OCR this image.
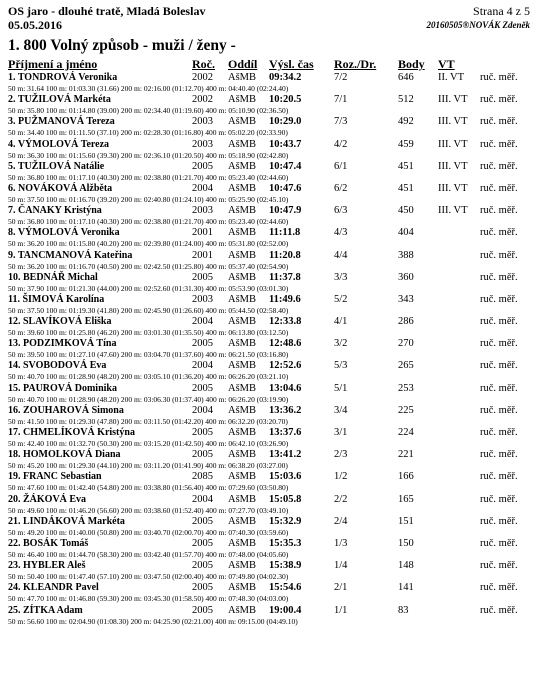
OS jaro - dlouhé tratě, Mladá Boleslav
05.05.2016
Strana 4 z 5
20160505®NOVÁK Zdeněk
1. 800 Volný způsob - muži / ženy -
Příjmení a jméno	Roč. Oddíl Výsl. čas Roz./Dr. Body VT
1. TONDROVÁ Veronika	2002 AšMB 09:34.2	7/2	646 II. VT ruč. měř.
50 m: 31.64 100 m: 01:03.30 (31.66) 200 m: 02:16.00 (01:12.70) 400 m: 04:40.40 (02:24.40)
2. TUŽILOVÁ Markéta	2002 AšMB 10:20.5	7/1	512 III. VT ruč. měř.
50 m: 35.80 100 m: 01:14.80 (39.00) 200 m: 02:34.40 (01:19.60) 400 m: 05:10.90 (02:36.50)
3. PUŽMANOVÁ Tereza	2003 AšMB 10:29.0	7/3	492 III. VT ruč. měř.
50 m: 34.40 100 m: 01:11.50 (37.10) 200 m: 02:28.30 (01:16.80) 400 m: 05:02.20 (02:33.90)
4. VÝMOLOVÁ Tereza	2003 AšMB 10:43.7	4/2	459 III. VT ruč. měř.
50 m: 36.30 100 m: 01:15.60 (39.30) 200 m: 02:36.10 (01:20.50) 400 m: 05:18.90 (02:42.80)
5. TUŽILOVÁ Natálie	2005 AšMB 10:47.4	6/1	451 III. VT ruč. měř.
50 m: 36.80 100 m: 01:17.10 (40.30) 200 m: 02:38.80 (01:21.70) 400 m: 05:23.40 (02:44.60)
6. NOVÁKOVÁ Alžběta	2004 AšMB 10:47.6	6/2	451 III. VT ruč. měř.
50 m: 37.50 100 m: 01:16.70 (39.20) 200 m: 02:40.80 (01:24.10) 400 m: 05:25.90 (02:45.10)
7. ČANAKY Kristýna	2003 AšMB 10:47.9	6/3	450 III. VT ruč. měř.
50 m: 36.80 100 m: 01:17.10 (40.30) 200 m: 02:38.80 (01:21.70) 400 m: 05:23.40 (02:44.60)
8. VÝMOLOVÁ Veronika	2001 AšMB 11:11.8	4/3	404	ruč. měř.
50 m: 36.20 100 m: 01:15.80 (40.20) 200 m: 02:39.80 (01:24.00) 400 m: 05:31.80 (02:52.00)
9. TANCMANOVÁ Kateřina	2001 AšMB 11:20.8	4/4	388	ruč. měř.
50 m: 36.20 100 m: 01:16.70 (40.50) 200 m: 02:42.50 (01:25.80) 400 m: 05:37.40 (02:54.90)
10. BEDNÁŘ Michal	2005 AšMB 11:37.8	3/3	360	ruč. měř.
50 m: 37.90 100 m: 01:21.30 (44.00) 200 m: 02:52.60 (01:31.30) 400 m: 05:53.90 (03:01.30)
11. ŠIMOVÁ Karolína	2003 AšMB 11:49.6	5/2	343	ruč. měř.
50 m: 37.50 100 m: 01:19.30 (41.80) 200 m: 02:45.90 (01:26.60) 400 m: 05:44.50 (02:58.40)
12. SLAVÍKOVÁ Eliška	2004 AšMB 12:33.8	4/1	286	ruč. měř.
50 m: 39.60 100 m: 01:25.80 (46.20) 200 m: 03:01.30 (01:35.50) 400 m: 06:13.80 (03:12.50)
13. PODZIMKOVÁ Tína	2005 AšMB 12:48.6	3/2	270	ruč. měř.
50 m: 39.50 100 m: 01:27.10 (47.60) 200 m: 03:04.70 (01:37.60) 400 m: 06:21.50 (03:16.80)
14. SVOBODOVÁ Eva	2004 AšMB 12:52.6	5/3	265	ruč. měř.
50 m: 40.70 100 m: 01:28.90 (48.20) 200 m: 03:05.10 (01:36.20) 400 m: 06:26.20 (03:21.10)
15. PAUROVÁ Dominika	2005 AšMB 13:04.6	5/1	253	ruč. měř.
50 m: 40.70 100 m: 01:28.90 (48.20) 200 m: 03:06.30 (01:37.40) 400 m: 06:26.20 (03:19.90)
16. ZOUHAROVÁ Simona	2004 AšMB 13:36.2	3/4	225	ruč. měř.
50 m: 41.50 100 m: 01:29.30 (47.80) 200 m: 03:11.50 (01:42.20) 400 m: 06:32.20 (03:20.70)
17. CHMELÍKOVÁ Kristýna	2005 AšMB 13:37.6	3/1	224	ruč. měř.
50 m: 42.40 100 m: 01:32.70 (50.30) 200 m: 03:15.20 (01:42.50) 400 m: 06:42.10 (03:26.90)
18. HOMOLKOVÁ Diana	2005 AšMB 13:41.2	2/3	221	ruč. měř.
50 m: 45.20 100 m: 01:29.30 (44.10) 200 m: 03:11.20 (01:41.90) 400 m: 06:38.20 (03:27.00)
19. FRANC Sebastian	2085 AšMB 15:03.6	1/2	166	ruč. měř.
50 m: 47.60 100 m: 01:42.40 (54.80) 200 m: 03:38.80 (01:56.40) 400 m: 07:29.60 (03:50.80)
20. ŽÁKOVÁ Eva	2004 AšMB 15:05.8	2/2	165	ruč. měř.
50 m: 49.60 100 m: 01:46.20 (56.60) 200 m: 03:38.60 (01:52.40) 400 m: 07:27.70 (03:49.10)
21. LINDÁKOVÁ Markéta	2005 AšMB 15:32.9	2/4	151	ruč. měř.
50 m: 49.20 100 m: 01:40.00 (50.80) 200 m: 03:40.70 (02:00.70) 400 m: 07:40.30 (03:59.60)
22. BOSÁK Tomáš	2005 AšMB 15:35.3	1/3	150	ruč. měř.
50 m: 46.40 100 m: 01:44.70 (58.30) 200 m: 03:42.40 (01:57.70) 400 m: 07:48.00 (04:05.60)
23. HYBLER Aleš	2005 AšMB 15:38.9	1/4	148	ruč. měř.
50 m: 50.40 100 m: 01:47.40 (57.10) 200 m: 03:47.50 (02:00.40) 400 m: 07:49.80 (04:02.30)
24. KLEANDR Pavel	2005 AšMB 15:54.6	2/1	141	ruč. měř.
50 m: 47.70 100 m: 01:46.80 (59.30) 200 m: 03:45.30 (01:58.50) 400 m: 07:48.30 (04:03.00)
25. ZÍTKA Adam	2005 AšMB 19:00.4	1/1	83	ruč. měř.
50 m: 56.60 100 m: 02:04.90 (01:08.30) 200 m: 04:25.90 (02:21.00) 400 m: 09:15.00 (04:49.10)
